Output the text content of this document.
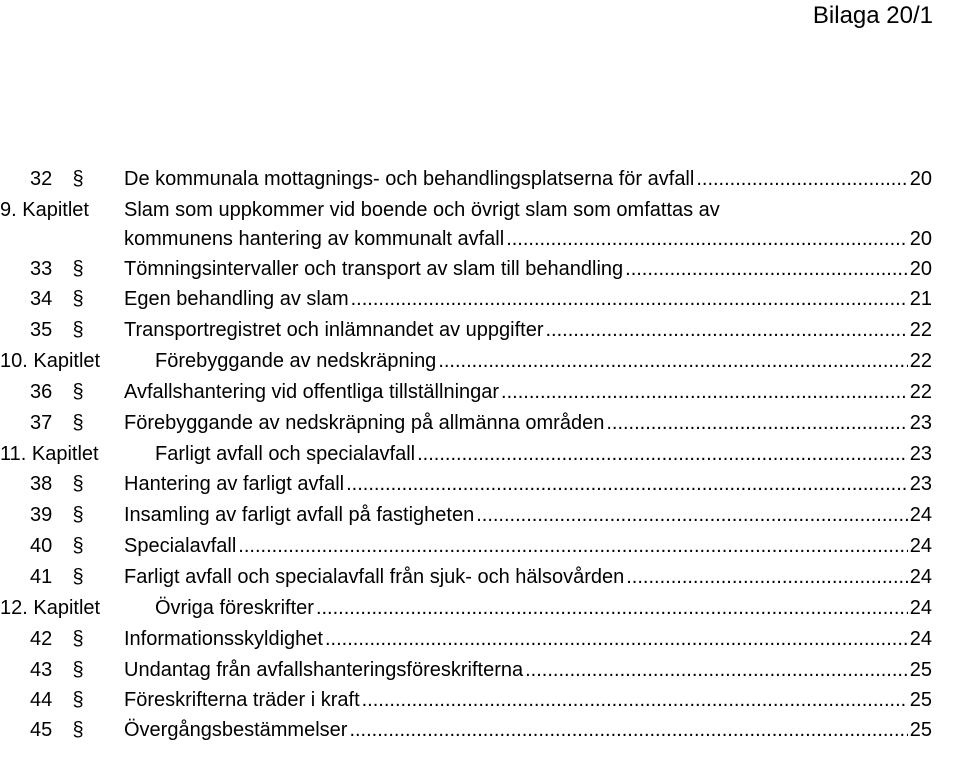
Bilaga 20/1
32	§	De kommunala mottagnings- och behandlingsplatserna för avfall .....	20
9. Kapitlet Slam som uppkommer vid boende och övrigt slam som omfattas av
kommunens hantering av kommunalt avfall .....	20
33	§	Tömningsintervaller och transport av slam till behandling .....	20
34	§	Egen behandling av slam .....	21
35	§	Transportregistret och inlämnandet av uppgifter .....	22
10. Kapitlet	Förebyggande av nedskräpning .....	22
36	§	Avfallshantering vid offentliga tillställningar .....	22
37	§	Förebyggande av nedskräpning på allmänna områden .....	23
11. Kapitlet	Farligt avfall och specialavfall .....	23
38	§	Hantering av farligt avfall .....	23
39	§	Insamling av farligt avfall på fastigheten .....	24
40	§	Specialavfall .....	24
41	§	Farligt avfall och specialavfall från sjuk- och hälsovården .....	24
12. Kapitlet	Övriga föreskrifter .....	24
42	§	Informationsskyldighet .....	24
43	§	Undantag från avfallshanteringsföreskrifterna .....	25
44	§	Föreskrifterna träder i kraft .....	25
45	§	Övergångsbestämmelser .....	25
